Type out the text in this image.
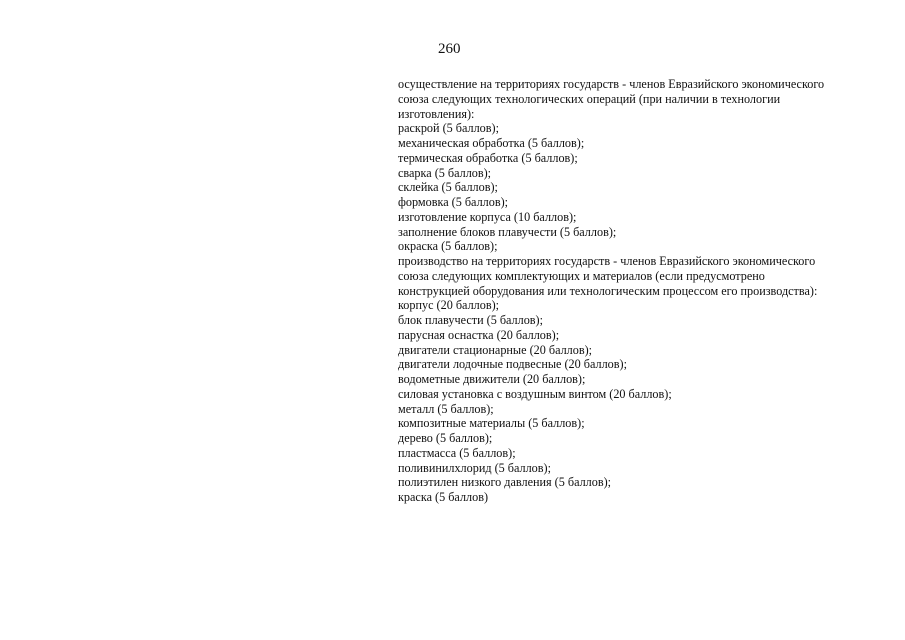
260
осуществление на территориях государств - членов Евразийского экономического
союза следующих технологических операций (при наличии в технологии
изготовления):
раскрой (5 баллов);
механическая обработка (5 баллов);
термическая обработка (5 баллов);
сварка (5 баллов);
склейка (5 баллов);
формовка (5 баллов);
изготовление корпуса (10 баллов);
заполнение блоков плавучести (5 баллов);
окраска (5 баллов);
производство на территориях государств - членов Евразийского экономического
союза следующих комплектующих и материалов (если предусмотрено
конструкцией оборудования или технологическим процессом его производства):
корпус (20 баллов);
блок плавучести (5 баллов);
парусная оснастка (20 баллов);
двигатели стационарные (20 баллов);
двигатели лодочные подвесные (20 баллов);
водометные движители (20 баллов);
силовая установка с воздушным винтом (20 баллов);
металл (5 баллов);
композитные материалы (5 баллов);
дерево (5 баллов);
пластмасса (5 баллов);
поливинилхлорид (5 баллов);
полиэтилен низкого давления (5 баллов);
краска (5 баллов)
